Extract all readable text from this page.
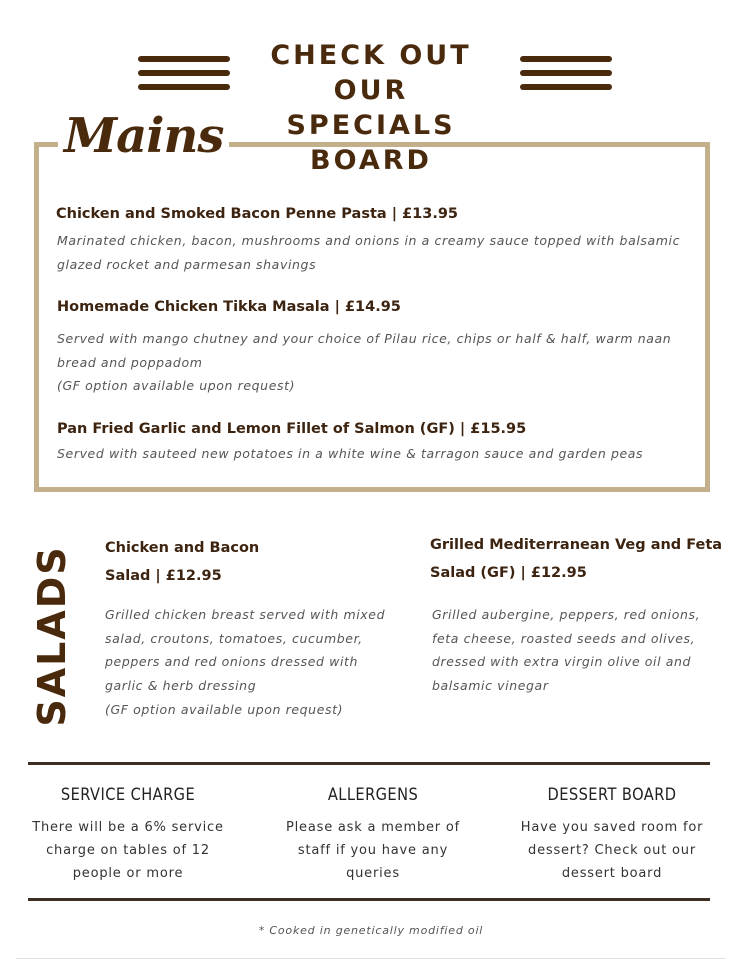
CHECK OUT OUR
SPECIALS BOARD
Mains
Chicken and Smoked Bacon Penne Pasta | £13.95
Marinated chicken, bacon, mushrooms and onions in a creamy sauce topped with balsamic
glazed rocket and parmesan shavings
Homemade Chicken Tikka Masala | £14.95
Served with mango chutney and your choice of Pilau rice, chips or half & half, warm naan
bread and poppadom
(GF option available upon request)
Pan Fried Garlic and Lemon Fillet of Salmon (GF) | £15.95
Served with sauteed new potatoes in a white wine & tarragon sauce and garden peas
SALADS Chicken and Bacon
Salad | £12.95
Grilled chicken breast served with mixed
salad, croutons, tomatoes, cucumber,
peppers and red onions dressed with
garlic & herb dressing
(GF option available upon request)
Grilled Mediterranean Veg and Feta
Salad (GF) | £12.95
Grilled aubergine, peppers, red onions,
feta cheese, roasted seeds and olives,
dressed with extra virgin olive oil and
balsamic vinegar
SERVICE CHARGE
There will be a 6% service
charge on tables of 12
people or more
ALLERGENS
Please ask a member of
staff if you have any
queries
DESSERT BOARD
Have you saved room for
dessert? Check out our
dessert board
* Cooked in genetically modified oil
